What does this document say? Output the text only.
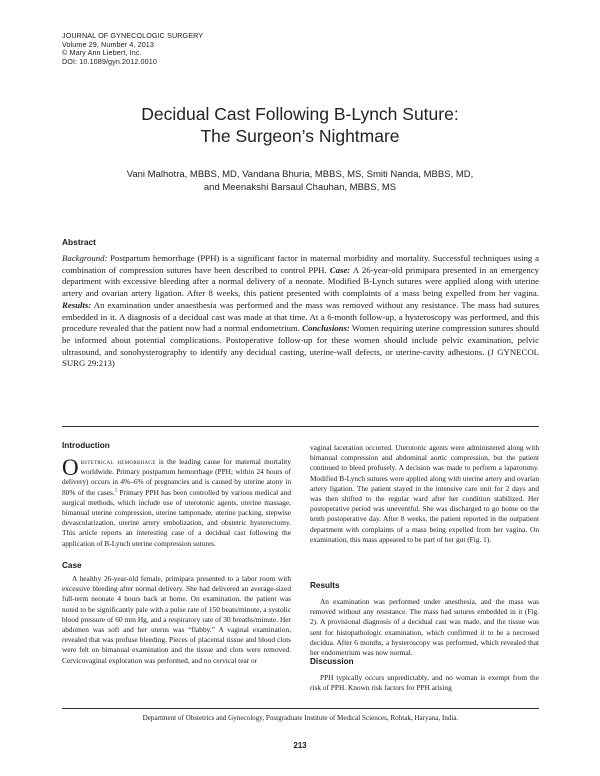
JOURNAL OF GYNECOLOGIC SURGERY
Volume 29, Number 4, 2013
© Mary Ann Liebert, Inc.
DOI: 10.1089/gyn.2012.0010
Decidual Cast Following B-Lynch Suture:
The Surgeon’s Nightmare
Vani Malhotra, MBBS, MD, Vandana Bhuria, MBBS, MS, Smiti Nanda, MBBS, MD,
and Meenakshi Barsaul Chauhan, MBBS, MS
Abstract

Background: Postpartum hemorrhage (PPH) is a significant factor in maternal morbidity and mortality. Successful techniques using a combination of compression sutures have been described to control PPH. Case: A 26-year-old primipara presented in an emergency department with excessive bleeding after a normal delivery of a neonate. Modified B-Lynch sutures were applied along with uterine artery and ovarian artery ligation. After 8 weeks, this patient presented with complaints of a mass being expelled from her vagina. Results: An examination under anaesthesia was performed and the mass was removed without any resistance. The mass had sutures embedded in it. A diagnosis of a decidual cast was made at that time. At a 6-month follow-up, a hysteroscopy was performed, and this procedure revealed that the patient now had a normal endometrium. Conclusions: Women requiring uterine compression sutures should be informed about potential complications. Postoperative follow-up for these women should include pelvic examination, pelvic ultrasound, and sonohysterography to identify any decidual casting, uterine-wall defects, or uterine-cavity adhesions. (J GYNECOL SURG 29:213)

Introduction

Obstetrical hemorrhage is the leading cause for maternal mortality worldwide. Primary postpartum hemorrhage (PPH; within 24 hours of delivery) occurs in 4%–6% of pregnancies and is caused by uterine atony in 80% of the cases.$^1$ Primary PPH has been controlled by various medical and surgical methods, which include use of uterotonic agents, uterine massage, bimanual uterine compression, uterine tamponade, uterine packing, stepwise devascularization, uterine artery embolization, and obstetric hysterectomy. This article reports an interesting case of a decidual cast following the application of B-Lynch uterine compression sutures.

Case

A healthy 26-year-old female, primipara presented to a labor room with excessive bleeding after normal delivery. She had delivered an average-sized full-term neonate 4 hours back at home. On examination, the patient was noted to be significantly pale with a pulse rate of 150 beats/minute, a systolic blood pressure of 60 mm Hg, and a respiratory rate of 30 breaths/minute. Her abdomen was soft and her uterus was “flabby.” A vaginal examination, revealed that was profuse bleeding. Pieces of placental tissue and blood clots were felt on bimanual examination and the tissue and clots were removed. Cervicovaginal exploration was performed, and no cervical tear or

vaginal laceration occurred. Uterotonic agents were administered along with bimanual compression and abdominal aortic compression, but the patient continued to bleed profusely. A decision was made to perform a laparotomy. Modified B-Lynch sutures were applied along with uterine artery and ovarian artery ligation. The patient stayed in the intensive care unit for 2 days and was then shifted to the regular ward after her condition stabilized. Her postoperative period was uneventful. She was discharged to go home on the tenth postoperative day. After 8 weeks, the patient reported in the outpatient department with complaints of a mass being expelled from her vagina. On examination, this mass appeared to be part of her gut (Fig. 1).

Results

An examination was performed under anesthesia, and the mass was removed without any resistance. The mass had sutures embedded in it (Fig. 2). A provisional diagnosis of a decidual cast was made, and the tissue was sent for histopathologic examination, which confirmed it to be a necrosed decidua. After 6 months, a hysteroscopy was performed, which revealed that her endometrium was now normal.

Discussion

PPH typically occurs unpredictably, and no woman is exempt from the risk of PPH. Known risk factors for PPH arising

Department of Obstetrics and Gynecology, Postgraduate Institute of Medical Sciences, Rohtak, Haryana, India.
213
